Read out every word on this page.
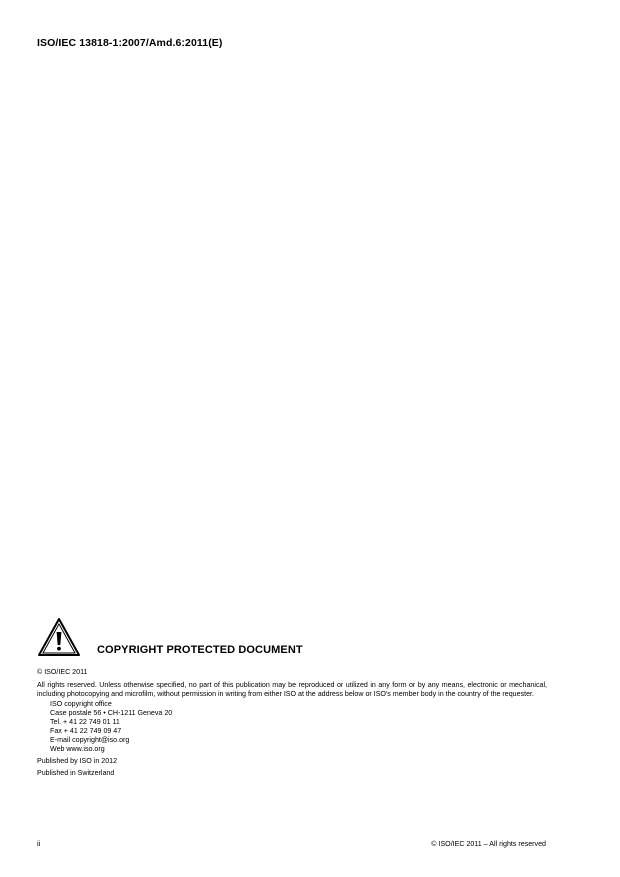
ISO/IEC 13818-1:2007/Amd.6:2011(E)
COPYRIGHT PROTECTED DOCUMENT
© ISO/IEC 2011
All rights reserved. Unless otherwise specified, no part of this publication may be reproduced or utilized in any form or by any means, electronic or mechanical, including photocopying and microfilm, without permission in writing from either ISO at the address below or ISO's member body in the country of the requester.
ISO copyright office
Case postale 56 • CH-1211 Geneva 20
Tel. + 41 22 749 01 11
Fax + 41 22 749 09 47
E-mail copyright@iso.org
Web www.iso.org
Published by ISO in 2012
Published in Switzerland
ii	© ISO/IEC 2011 – All rights reserved
